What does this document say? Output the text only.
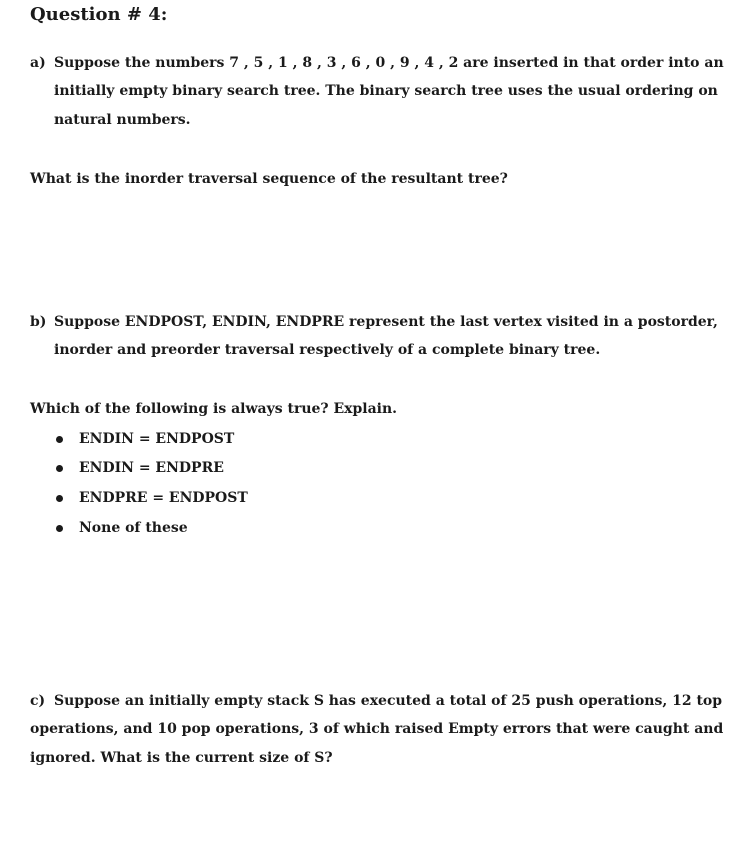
Question # 4:
a) Suppose the numbers 7 , 5 , 1 , 8 , 3 , 6 , 0 , 9 , 4 , 2 are inserted in that order into an
initially empty binary search tree. The binary search tree uses the usual ordering on
natural numbers.
What is the inorder traversal sequence of the resultant tree?
b) Suppose ENDPOST, ENDIN, ENDPRE represent the last vertex visited in a postorder,
inorder and preorder traversal respectively of a complete binary tree.
Which of the following is always true? Explain.
ENDIN = ENDPOST
ENDIN = ENDPRE
ENDPRE = ENDPOST
None of these
c) Suppose an initially empty stack S has executed a total of 25 push operations, 12 top
operations, and 10 pop operations, 3 of which raised Empty errors that were caught and
ignored. What is the current size of S?
